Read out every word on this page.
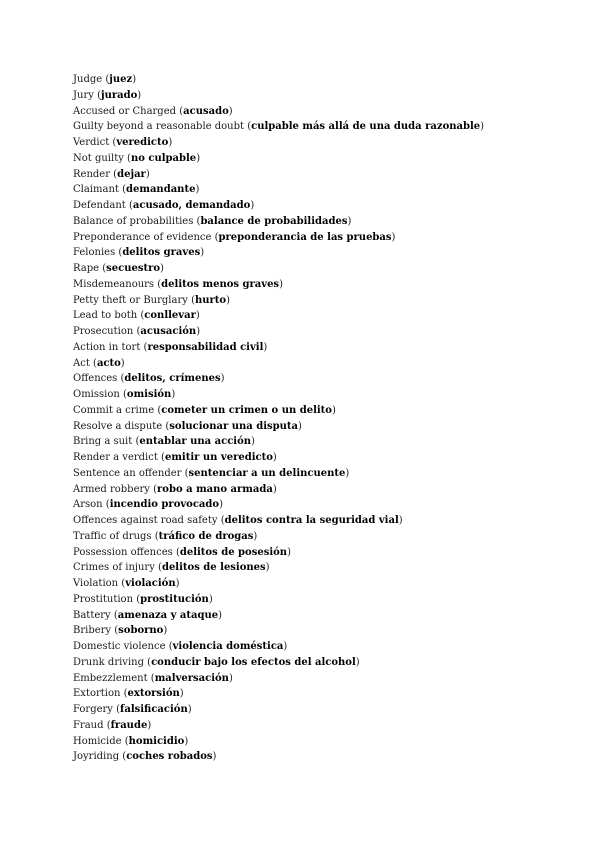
Judge (juez)
Jury (jurado)
Accused or Charged (acusado)
Guilty beyond a reasonable doubt (culpable más allá de una duda razonable)
Verdict (veredicto)
Not guilty (no culpable)
Render (dejar)
Claimant (demandante)
Defendant (acusado, demandado)
Balance of probabilities (balance de probabilidades)
Preponderance of evidence (preponderancia de las pruebas)
Felonies (delitos graves)
Rape (secuestro)
Misdemeanours (delitos menos graves)
Petty theft or Burglary (hurto)
Lead to both (conllevar)
Prosecution (acusación)
Action in tort (responsabilidad civil)
Act (acto)
Offences (delitos, crímenes)
Omission (omisión)
Commit a crime (cometer un crimen o un delito)
Resolve a dispute (solucionar una disputa)
Bring a suit (entablar una acción)
Render a verdict (emitir un veredicto)
Sentence an offender (sentenciar a un delincuente)
Armed robbery (robo a mano armada)
Arson (incendio provocado)
Offences against road safety (delitos contra la seguridad vial)
Traffic of drugs (tráfico de drogas)
Possession offences (delitos de posesión)
Crimes of injury (delitos de lesiones)
Violation (violación)
Prostitution (prostitución)
Battery (amenaza y ataque)
Bribery (soborno)
Domestic violence (violencia doméstica)
Drunk driving (conducir bajo los efectos del alcohol)
Embezzlement (malversación)
Extortion (extorsión)
Forgery (falsificación)
Fraud (fraude)
Homicide (homicidio)
Joyriding (coches robados)
